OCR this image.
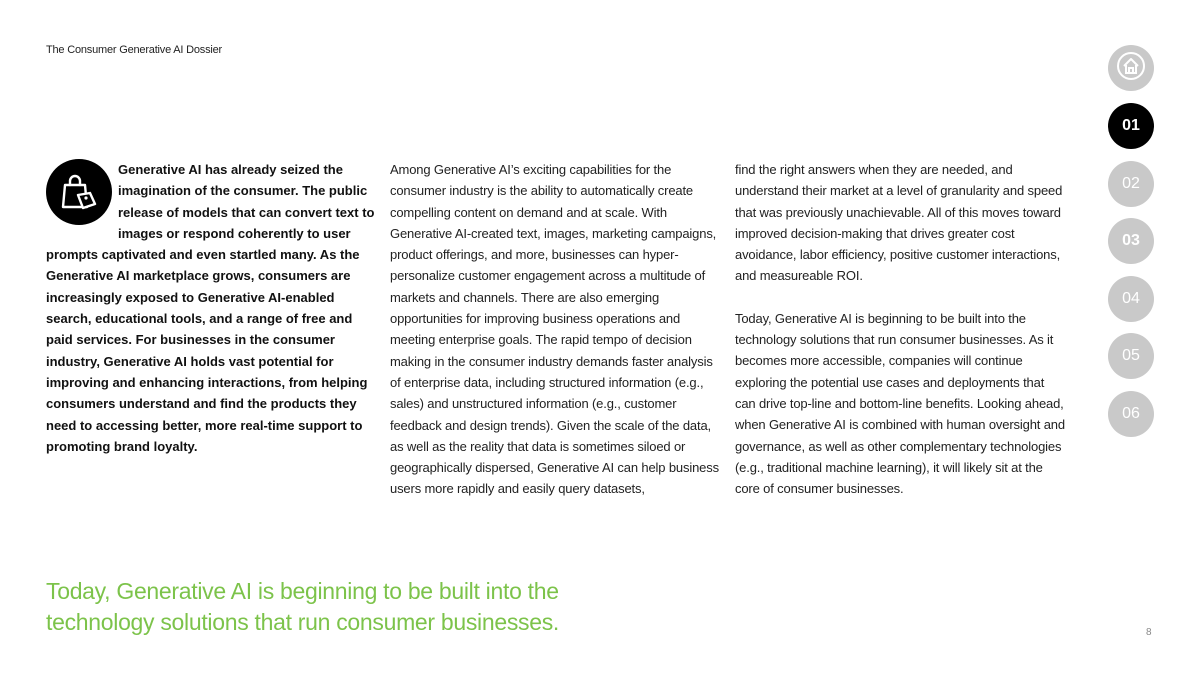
The Consumer Generative AI Dossier

Generative AI has already seized the imagination of the consumer. The public release of models that can convert text to images or respond coherently to user prompts captivated and even startled many. As the Generative AI marketplace grows, consumers are increasingly exposed to Generative AI-enabled search, educational tools, and a range of free and paid services. For businesses in the consumer industry, Generative AI holds vast potential for improving and enhancing interactions, from helping consumers understand and find the products they need to accessing better, more real-time support to promoting brand loyalty.

Among Generative AI’s exciting capabilities for the consumer industry is the ability to automatically create compelling content on demand and at scale. With Generative AI-created text, images, marketing campaigns, product offerings, and more, businesses can hyper-personalize customer engagement across a multitude of markets and channels. There are also emerging opportunities for improving business operations and meeting enterprise goals. The rapid tempo of decision making in the consumer industry demands faster analysis of enterprise data, including structured information (e.g., sales) and unstructured information (e.g., customer feedback and design trends). Given the scale of the data, as well as the reality that data is sometimes siloed or geographically dispersed, Generative AI can help business users more rapidly and easily query datasets,

find the right answers when they are needed, and understand their market at a level of granularity and speed that was previously unachievable. All of this moves toward improved decision-making that drives greater cost avoidance, labor efficiency, positive customer interactions, and measureable ROI.

Today, Generative AI is beginning to be built into the technology solutions that run consumer businesses. As it becomes more accessible, companies will continue exploring the potential use cases and deployments that can drive top-line and bottom-line benefits. Looking ahead, when Generative AI is combined with human oversight and governance, as well as other complementary technologies (e.g., traditional machine learning), it will likely sit at the core of consumer businesses.

Today, Generative AI is beginning to be built into the technology solutions that run consumer businesses.	8
01
02
03
04
05
06
